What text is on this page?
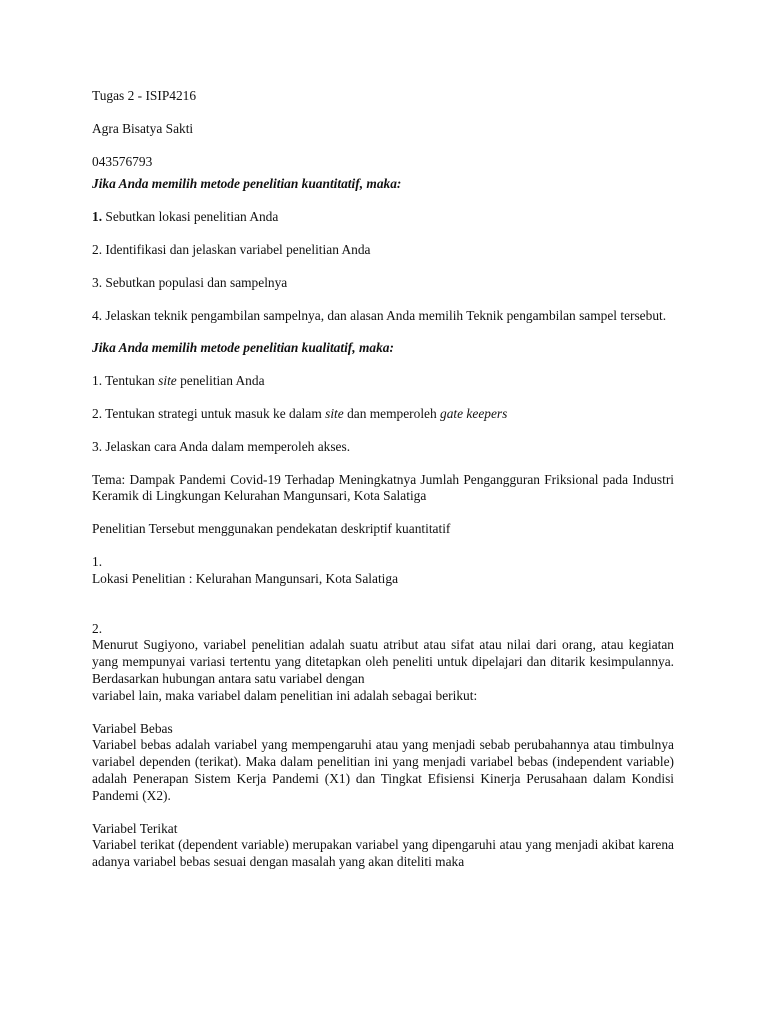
Tugas 2 - ISIP4216

Agra Bisatya Sakti

043576793

Jika Anda memilih metode penelitian kuantitatif, maka:

1. Sebutkan lokasi penelitian Anda

2. Identifikasi dan jelaskan variabel penelitian Anda

3. Sebutkan populasi dan sampelnya

4. Jelaskan teknik pengambilan sampelnya, dan alasan Anda memilih Teknik pengambilan sampel tersebut.

Jika Anda memilih metode penelitian kualitatif, maka:

1. Tentukan site penelitian Anda

2. Tentukan strategi untuk masuk ke dalam site dan memperoleh gate keepers

3. Jelaskan cara Anda dalam memperoleh akses.

Tema: Dampak Pandemi Covid-19 Terhadap Meningkatnya Jumlah Pengangguran Friksional pada Industri Keramik di Lingkungan Kelurahan Mangunsari, Kota Salatiga

Penelitian Tersebut menggunakan pendekatan deskriptif kuantitatif

1.

Lokasi Penelitian : Kelurahan Mangunsari, Kota Salatiga

2.

Menurut Sugiyono, variabel penelitian adalah suatu atribut atau sifat atau nilai dari orang, atau kegiatan yang mempunyai variasi tertentu yang ditetapkan oleh peneliti untuk dipelajari dan ditarik kesimpulannya. Berdasarkan hubungan antara satu variabel dengan

variabel lain, maka variabel dalam penelitian ini adalah sebagai berikut:

Variabel Bebas

Variabel bebas adalah variabel yang mempengaruhi atau yang menjadi sebab perubahannya atau timbulnya variabel dependen (terikat). Maka dalam penelitian ini yang menjadi variabel bebas (independent variable) adalah Penerapan Sistem Kerja Pandemi (X1) dan Tingkat Efisiensi Kinerja Perusahaan dalam Kondisi Pandemi (X2).

Variabel Terikat

Variabel terikat (dependent variable) merupakan variabel yang dipengaruhi atau yang menjadi akibat karena adanya variabel bebas sesuai dengan masalah yang akan diteliti maka
